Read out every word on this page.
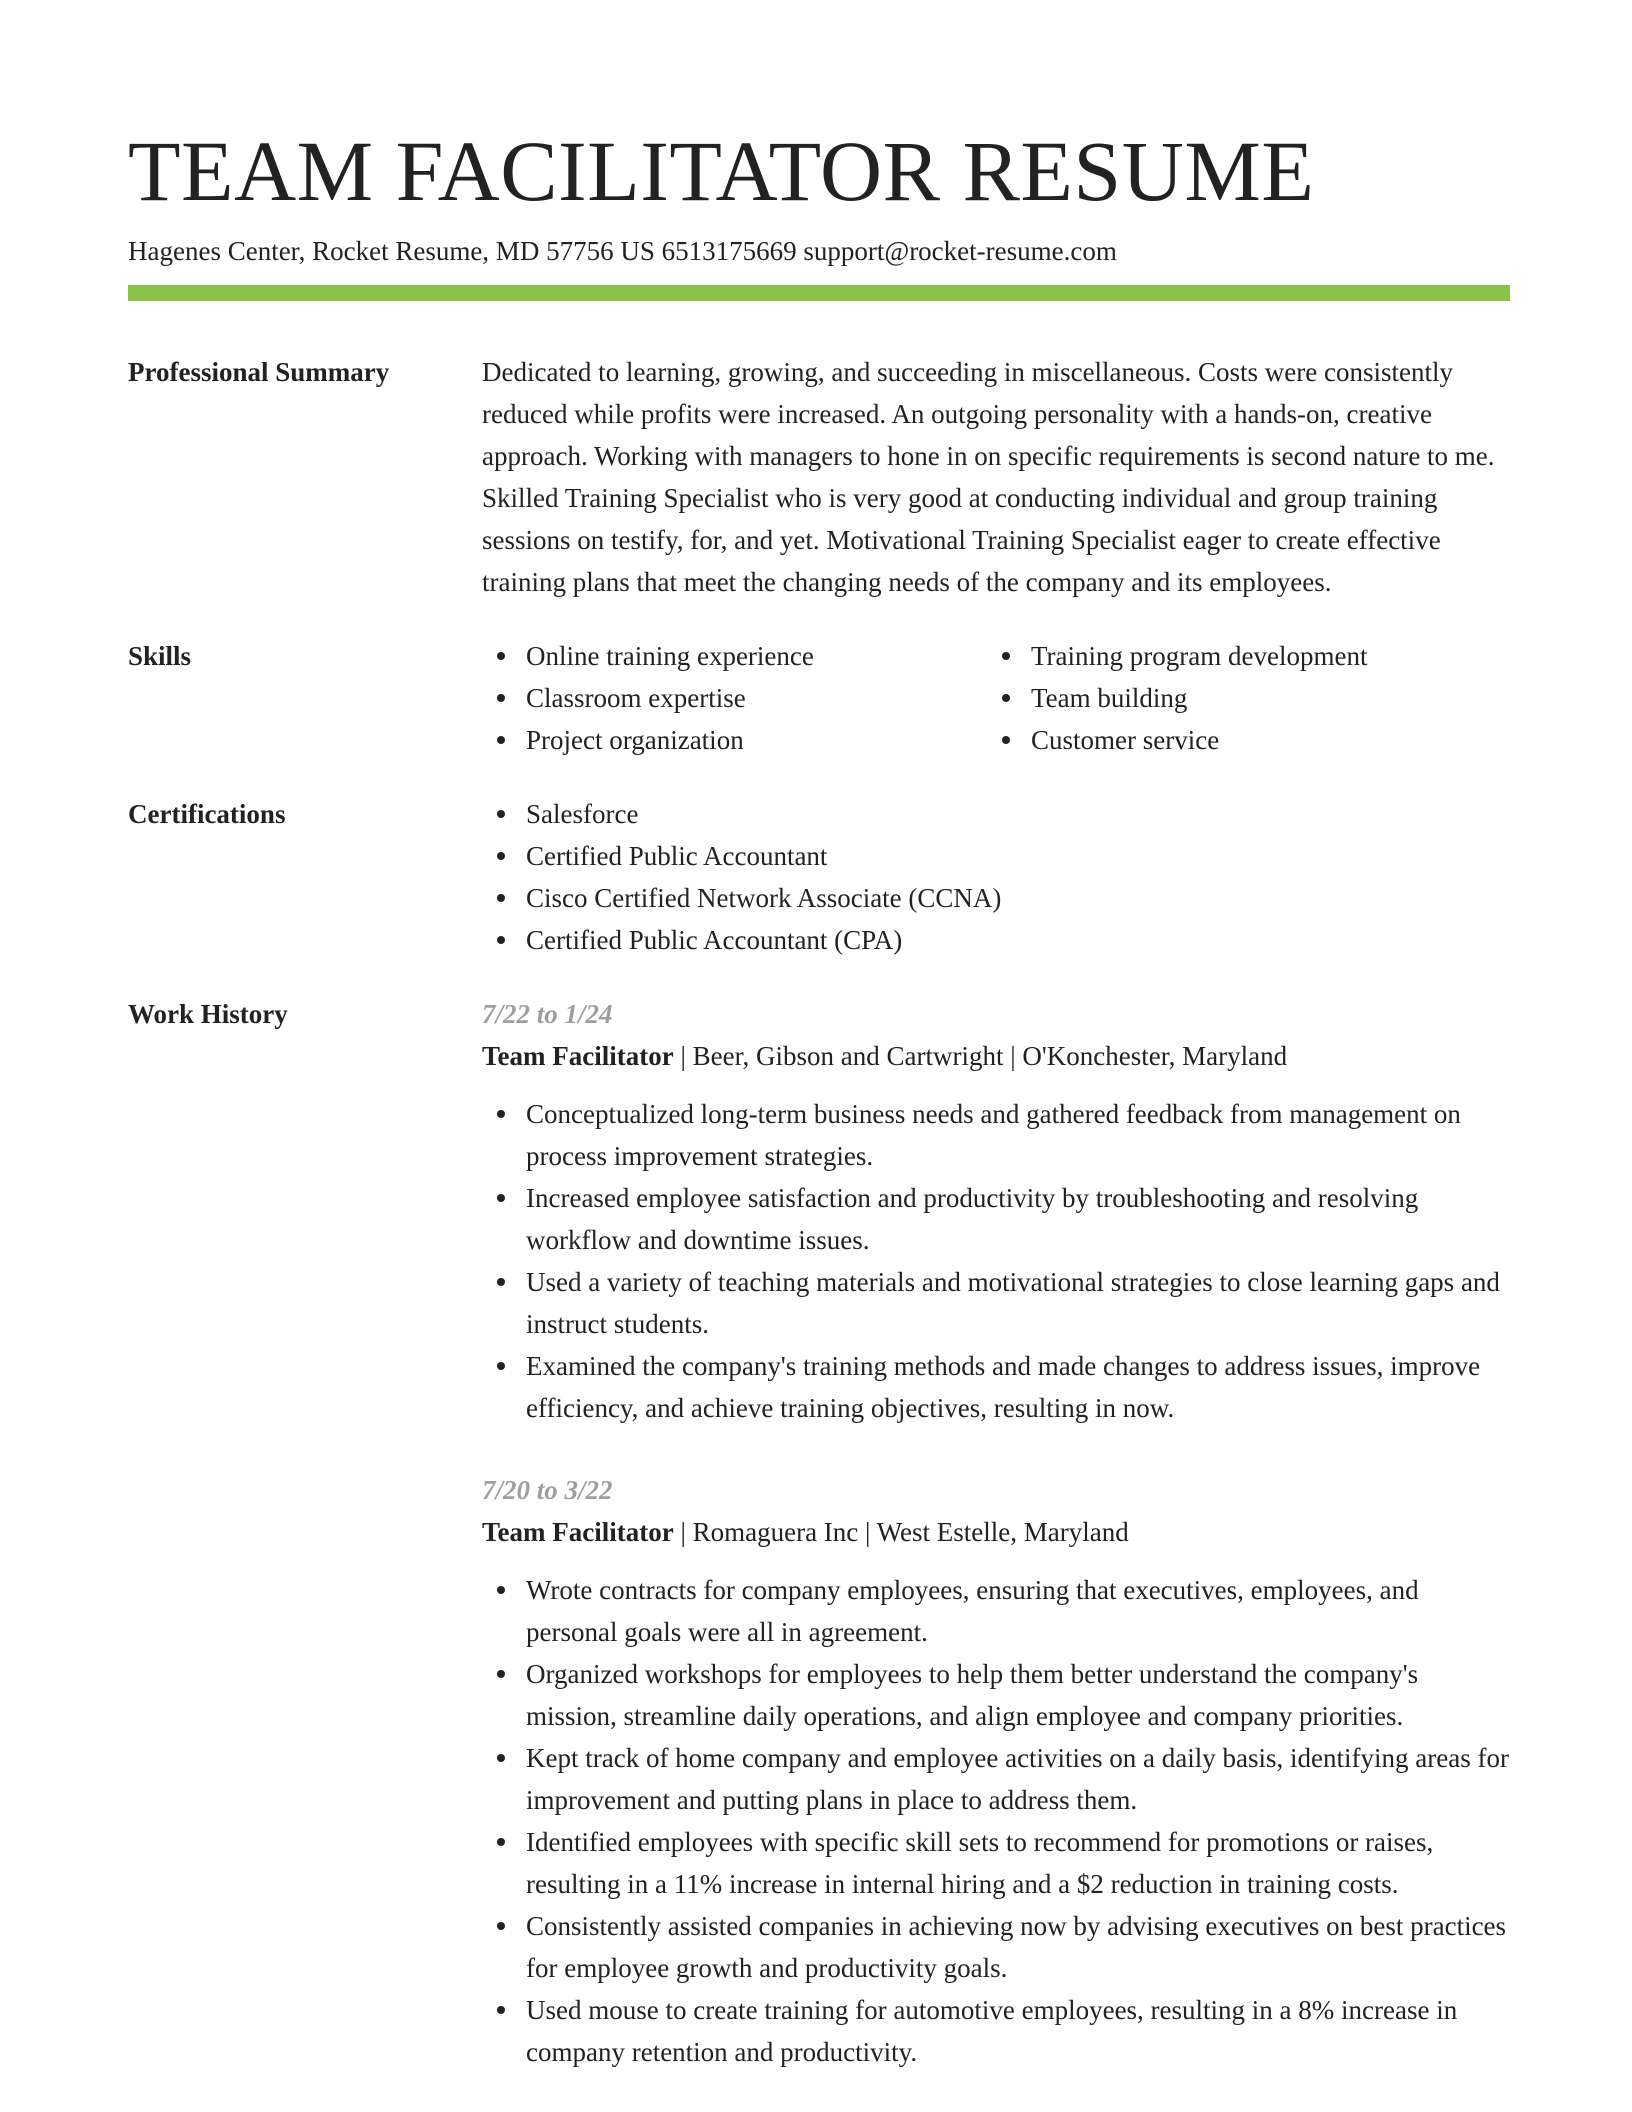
TEAM FACILITATOR RESUME
Hagenes Center, Rocket Resume, MD 57756 US 6513175669 support@rocket-resume.com
Professional Summary	Dedicated to learning, growing, and succeeding in miscellaneous. Costs were consistently reduced while profits were increased. An outgoing personality with a hands-on, creative approach. Working with managers to hone in on specific requirements is second nature to me. Skilled Training Specialist who is very good at conducting individual and group training sessions on testify, for, and yet. Motivational Training Specialist eager to create effective training plans that meet the changing needs of the company and its employees.

Skills	Online training experience
Classroom expertise
Project organization
Training program development
Team building
Customer service
Certifications	Salesforce
Certified Public Accountant
Cisco Certified Network Associate (CCNA)
Certified Public Accountant (CPA)
Work History	7/22 to 1/24
Team Facilitator | Beer, Gibson and Cartwright | O'Konchester, Maryland
Conceptualized long-term business needs and gathered feedback from management on process improvement strategies.
Increased employee satisfaction and productivity by troubleshooting and resolving workflow and downtime issues.
Used a variety of teaching materials and motivational strategies to close learning gaps and instruct students.
Examined the company's training methods and made changes to address issues, improve efficiency, and achieve training objectives, resulting in now.
7/20 to 3/22
Team Facilitator | Romaguera Inc | West Estelle, Maryland
Wrote contracts for company employees, ensuring that executives, employees, and personal goals were all in agreement.
Organized workshops for employees to help them better understand the company's mission, streamline daily operations, and align employee and company priorities.
Kept track of home company and employee activities on a daily basis, identifying areas for improvement and putting plans in place to address them.
Identified employees with specific skill sets to recommend for promotions or raises, resulting in a 11% increase in internal hiring and a $2 reduction in training costs.
Consistently assisted companies in achieving now by advising executives on best practices for employee growth and productivity goals.
Used mouse to create training for automotive employees, resulting in a 8% increase in company retention and productivity.
